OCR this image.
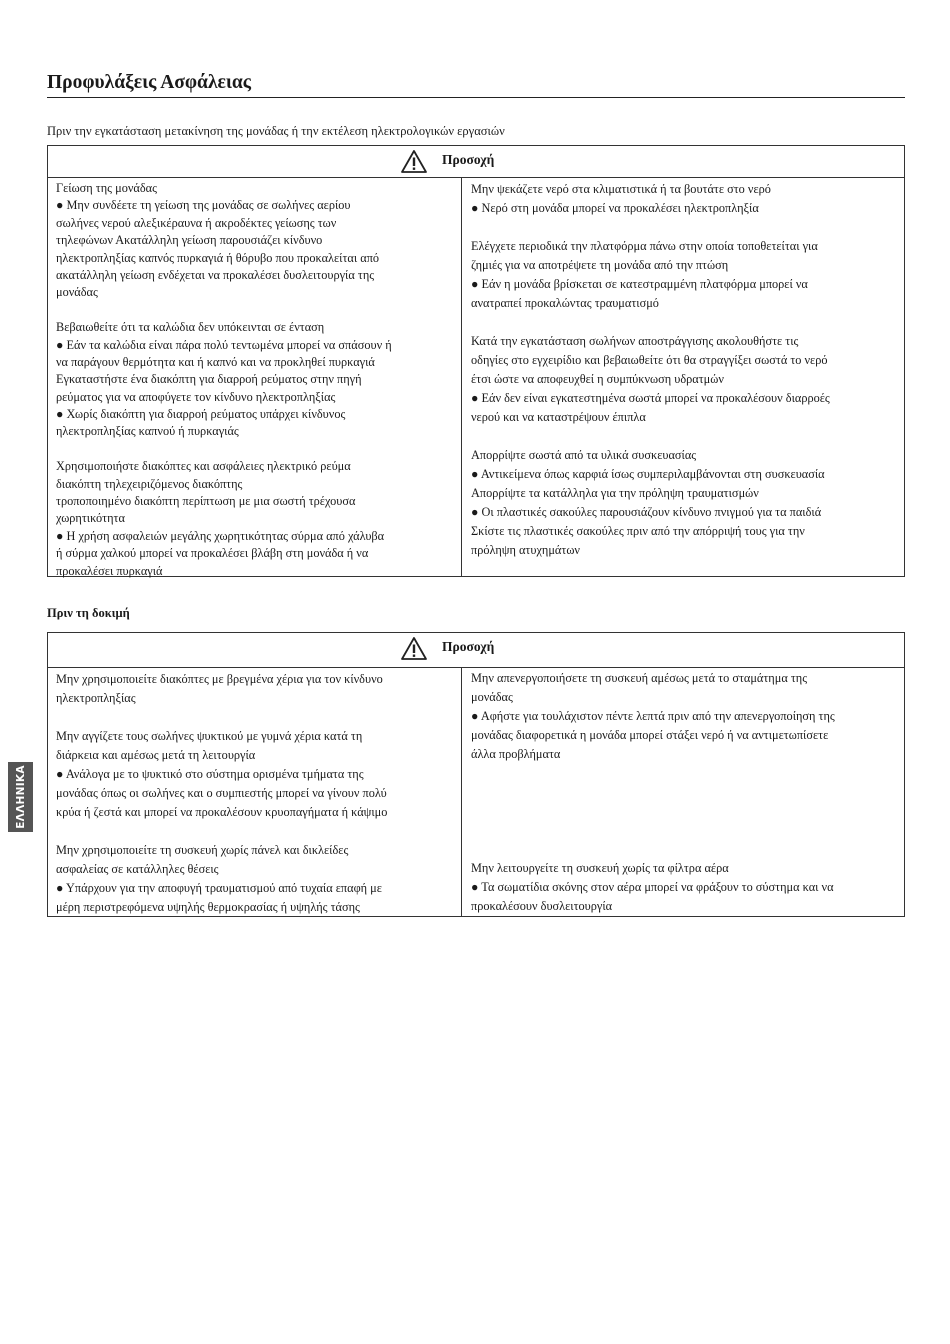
Προφυλάξεις Ασφάλειας
Πριν την εγκατάσταση μετακίνηση της μονάδας ή την εκτέλεση ηλεκτρολογικών εργασιών
Προσοχή
Γείωση της μονάδας
● Μην συνδέετε τη γείωση της μονάδας σε σωλήνες αερίου
σωλήνες νερού αλεξικέραυνα ή ακροδέκτες γείωσης των
τηλεφώνων Ακατάλληλη γείωση παρουσιάζει κίνδυνο
ηλεκτροπληξίας καπνός πυρκαγιά ή θόρυβο που προκαλείται από
ακατάλληλη γείωση ενδέχεται να προκαλέσει δυσλειτουργία της
μονάδας
Βεβαιωθείτε ότι τα καλώδια δεν υπόκεινται σε ένταση
● Εάν τα καλώδια είναι πάρα πολύ τεντωμένα μπορεί να σπάσουν ή
να παράγουν θερμότητα και ή καπνό και να προκληθεί πυρκαγιά
Εγκαταστήστε ένα διακόπτη για διαρροή ρεύματος στην πηγή
ρεύματος για να αποφύγετε τον κίνδυνο ηλεκτροπληξίας
● Χωρίς διακόπτη για διαρροή ρεύματος υπάρχει κίνδυνος
ηλεκτροπληξίας καπνού ή πυρκαγιάς
Χρησιμοποιήστε διακόπτες και ασφάλειες ηλεκτρικό ρεύμα
διακόπτη τηλεχειριζόμενος διακόπτης
τροποποιημένο διακόπτη περίπτωση με μια σωστή τρέχουσα
χωρητικότητα
● Η χρήση ασφαλειών μεγάλης χωρητικότητας σύρμα από χάλυβα
ή σύρμα χαλκού μπορεί να προκαλέσει βλάβη στη μονάδα ή να
προκαλέσει πυρκαγιά
Μην ψεκάζετε νερό στα κλιματιστικά ή τα βουτάτε στο νερό
● Νερό στη μονάδα μπορεί να προκαλέσει ηλεκτροπληξία
Ελέγχετε περιοδικά την πλατφόρμα πάνω στην οποία τοποθετείται για
ζημιές για να αποτρέψετε τη μονάδα από την πτώση
● Εάν η μονάδα βρίσκεται σε κατεστραμμένη πλατφόρμα μπορεί να
ανατραπεί προκαλώντας τραυματισμό
Κατά την εγκατάσταση σωλήνων αποστράγγισης ακολουθήστε τις
οδηγίες στο εγχειρίδιο και βεβαιωθείτε ότι θα στραγγίξει σωστά το νερό
έτσι ώστε να αποφευχθεί η συμπύκνωση υδρατμών
● Εάν δεν είναι εγκατεστημένα σωστά μπορεί να προκαλέσουν διαρροές
νερού και να καταστρέψουν έπιπλα
Απορρίψτε σωστά από τα υλικά συσκευασίας
● Αντικείμενα όπως καρφιά ίσως συμπεριλαμβάνονται στη συσκευασία
Απορρίψτε τα κατάλληλα για την πρόληψη τραυματισμών
● Οι πλαστικές σακούλες παρουσιάζουν κίνδυνο πνιγμού για τα παιδιά
Σκίστε τις πλαστικές σακούλες πριν από την απόρριψή τους για την
πρόληψη ατυχημάτων
Πριν τη δοκιμή
Προσοχή
Μην χρησιμοποιείτε διακόπτες με βρεγμένα χέρια για τον κίνδυνο
ηλεκτροπληξίας
Μην αγγίζετε τους σωλήνες ψυκτικού με γυμνά χέρια κατά τη
διάρκεια και αμέσως μετά τη λειτουργία
● Ανάλογα με το ψυκτικό στο σύστημα ορισμένα τμήματα της
μονάδας όπως οι σωλήνες και ο συμπιεστής μπορεί να γίνουν πολύ
κρύα ή ζεστά και μπορεί να προκαλέσουν κρυοπαγήματα ή κάψιμο
Μην χρησιμοποιείτε τη συσκευή χωρίς πάνελ και δικλείδες
ασφαλείας σε κατάλληλες θέσεις
● Υπάρχουν για την αποφυγή τραυματισμού από τυχαία επαφή με
μέρη περιστρεφόμενα υψηλής θερμοκρασίας ή υψηλής τάσης
Μην απενεργοποιήσετε τη συσκευή αμέσως μετά το σταμάτημα της
μονάδας
● Αφήστε για τουλάχιστον πέντε λεπτά πριν από την απενεργοποίηση της
μονάδας διαφορετικά η μονάδα μπορεί στάξει νερό ή να αντιμετωπίσετε
άλλα προβλήματα
Μην λειτουργείτε τη συσκευή χωρίς τα φίλτρα αέρα
● Τα σωματίδια σκόνης στον αέρα μπορεί να φράξουν το σύστημα και να
προκαλέσουν δυσλειτουργία
ΕΛΛΗΝΙΚΑ
